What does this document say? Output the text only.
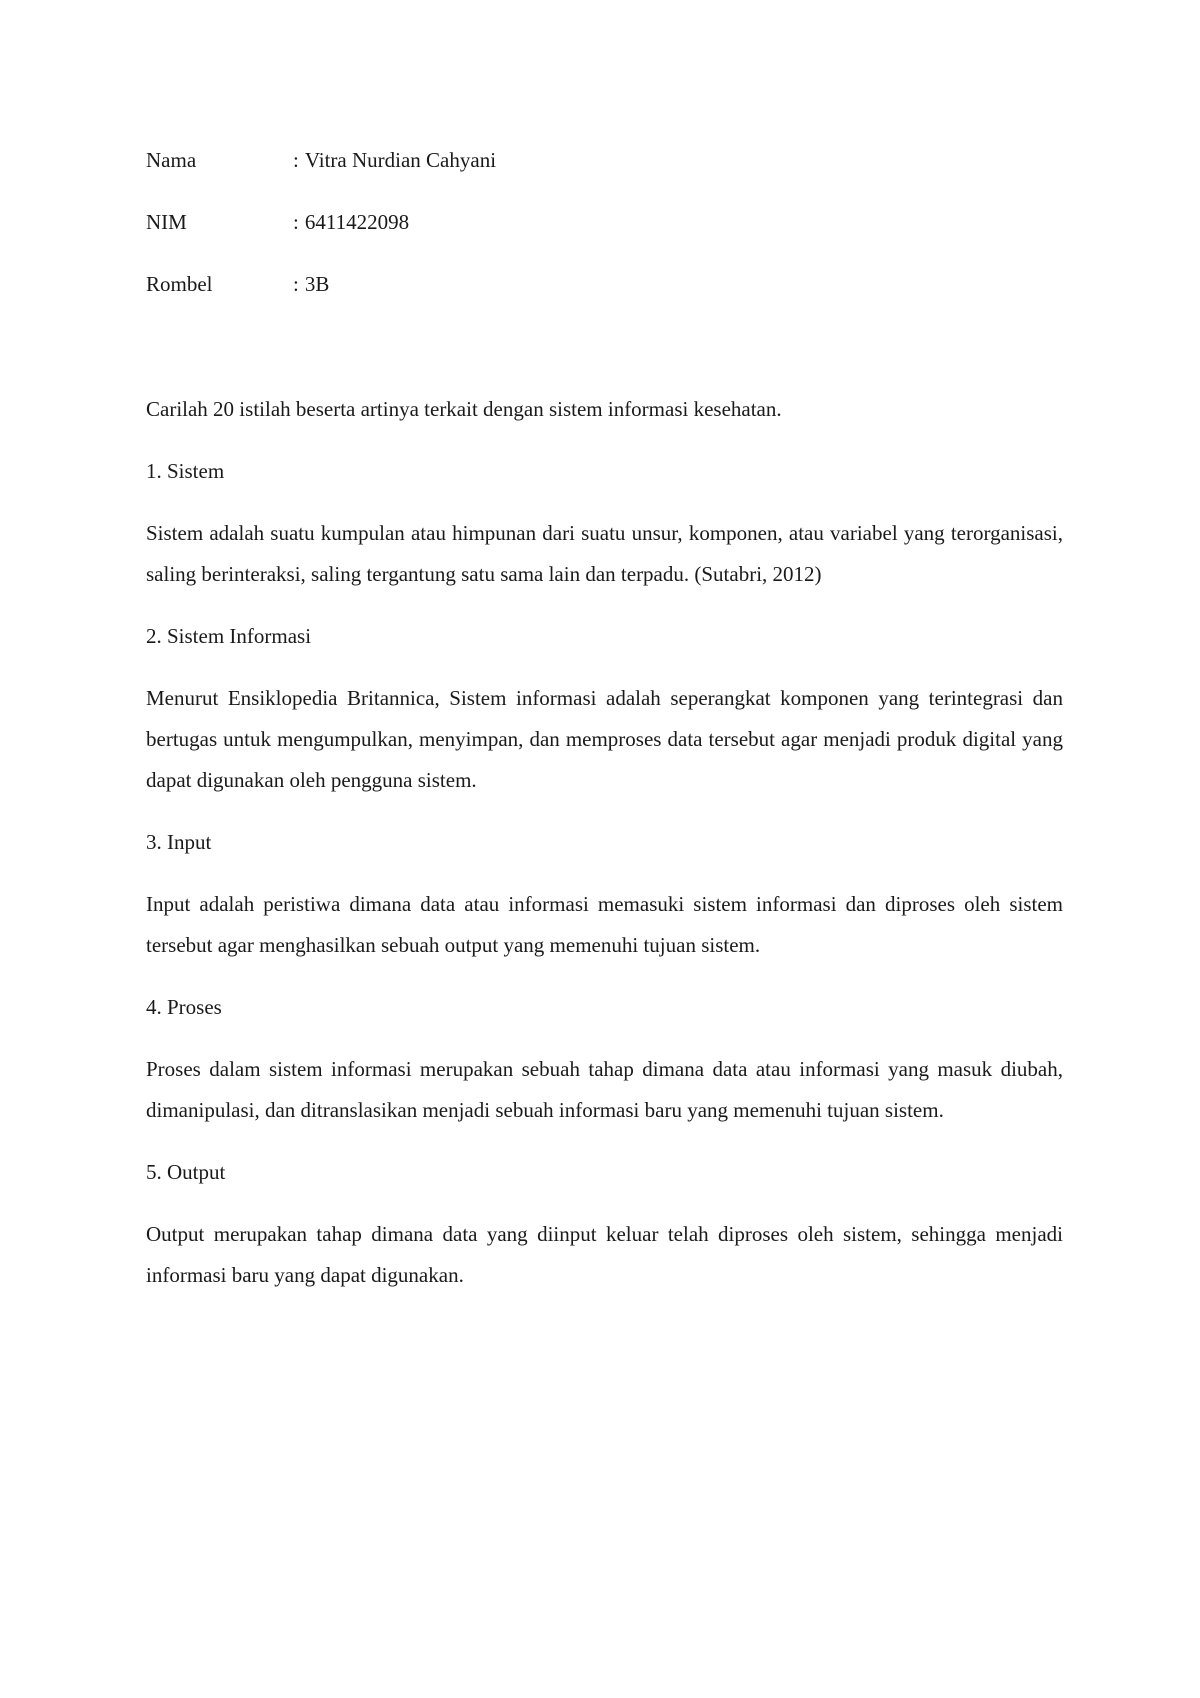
Nama	: Vitra Nurdian Cahyani
NIM	: 6411422098
Rombel	: 3B

Carilah 20 istilah beserta artinya terkait dengan sistem informasi kesehatan.

1. Sistem

Sistem adalah suatu kumpulan atau himpunan dari suatu unsur, komponen, atau variabel yang terorganisasi, saling berinteraksi, saling tergantung satu sama lain dan terpadu. (Sutabri, 2012)

2. Sistem Informasi

Menurut Ensiklopedia Britannica, Sistem informasi adalah seperangkat komponen yang terintegrasi dan bertugas untuk mengumpulkan, menyimpan, dan memproses data tersebut agar menjadi produk digital yang dapat digunakan oleh pengguna sistem.

3. Input

Input adalah peristiwa dimana data atau informasi memasuki sistem informasi dan diproses oleh sistem tersebut agar menghasilkan sebuah output yang memenuhi tujuan sistem.

4. Proses

Proses dalam sistem informasi merupakan sebuah tahap dimana data atau informasi yang masuk diubah, dimanipulasi, dan ditranslasikan menjadi sebuah informasi baru yang memenuhi tujuan sistem.

5. Output

Output merupakan tahap dimana data yang diinput keluar telah diproses oleh sistem, sehingga menjadi informasi baru yang dapat digunakan.
